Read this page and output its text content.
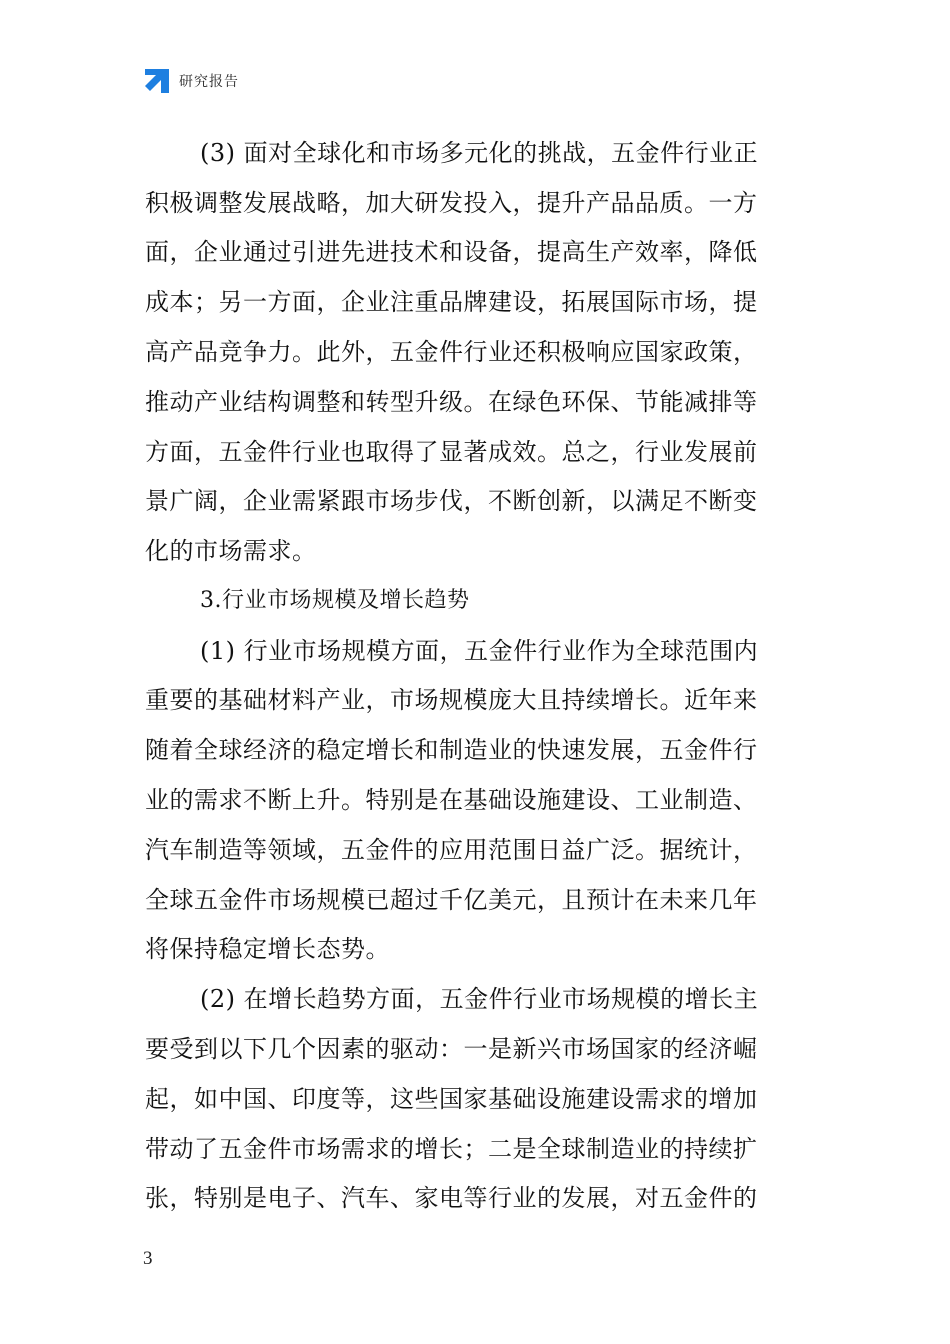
研究报告
(3) 面对全球化和市场多元化的挑战，五金件行业正
积极调整发展战略，加大研发投入，提升产品品质。一方
面，企业通过引进先进技术和设备，提高生产效率，降低
成本；另一方面，企业注重品牌建设，拓展国际市场，提
高产品竞争力。此外，五金件行业还积极响应国家政策，
推动产业结构调整和转型升级。在绿色环保、节能减排等
方面，五金件行业也取得了显著成效。总之，行业发展前
景广阔，企业需紧跟市场步伐，不断创新，以满足不断变
化的市场需求。
3.行业市场规模及增长趋势
(1) 行业市场规模方面，五金件行业作为全球范围内
重要的基础材料产业，市场规模庞大且持续增长。近年来
随着全球经济的稳定增长和制造业的快速发展，五金件行
业的需求不断上升。特别是在基础设施建设、工业制造、
汽车制造等领域，五金件的应用范围日益广泛。据统计，
全球五金件市场规模已超过千亿美元，且预计在未来几年
将保持稳定增长态势。
(2) 在增长趋势方面，五金件行业市场规模的增长主
要受到以下几个因素的驱动：一是新兴市场国家的经济崛
起，如中国、印度等，这些国家基础设施建设需求的增加
带动了五金件市场需求的增长；二是全球制造业的持续扩
张，特别是电子、汽车、家电等行业的发展，对五金件的
3
